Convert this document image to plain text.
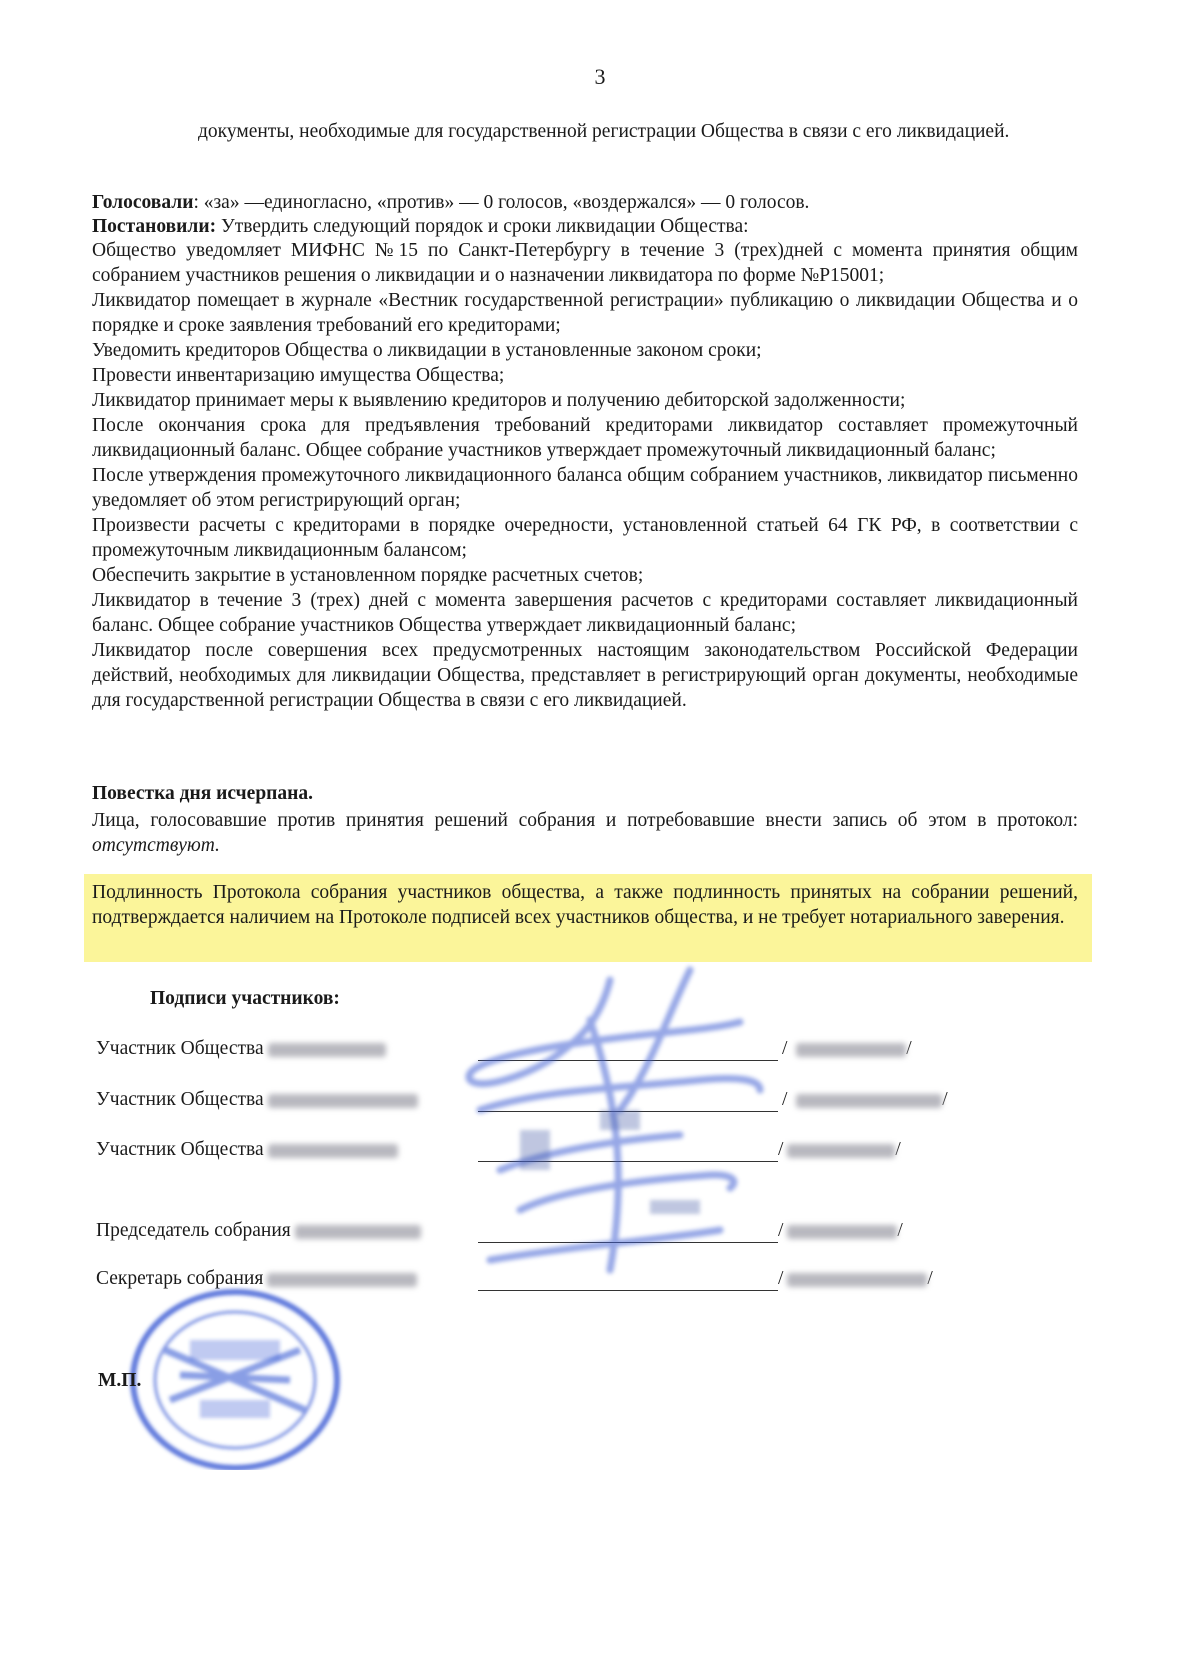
3
документы, необходимые для государственной регистрации Общества в связи с его ликвидацией.
Голосовали: «за» —единогласно, «против» — 0 голосов, «воздержался» — 0 голосов.
Постановили: Утвердить следующий порядок и сроки ликвидации Общества:
Общество уведомляет МИФНС №15 по Санкт-Петербургу в течение 3 (трех)дней с момента принятия общим собранием участников решения о ликвидации и о назначении ликвидатора по форме №Р15001;
Ликвидатор помещает в журнале «Вестник государственной регистрации» публикацию о ликвидации Общества и о порядке и сроке заявления требований его кредиторами;
Уведомить кредиторов Общества о ликвидации в установленные законом сроки;
Провести инвентаризацию имущества Общества;
Ликвидатор принимает меры к выявлению кредиторов и получению дебиторской задолженности;
После окончания срока для предъявления требований кредиторами ликвидатор составляет промежуточный ликвидационный баланс. Общее собрание участников утверждает промежуточный ликвидационный баланс;
После утверждения промежуточного ликвидационного баланса общим собранием участников, ликвидатор письменно уведомляет об этом регистрирующий орган;
Произвести расчеты с кредиторами в порядке очередности, установленной статьей 64 ГК РФ, в соответствии с промежуточным ликвидационным балансом;
Обеспечить закрытие в установленном порядке расчетных счетов;
Ликвидатор в течение 3 (трех) дней с момента завершения расчетов с кредиторами составляет ликвидационный баланс. Общее собрание участников Общества утверждает ликвидационный баланс;
Ликвидатор после совершения всех предусмотренных настоящим законодательством Российской Федерации действий, необходимых для ликвидации Общества, представляет в регистрирующий орган документы, необходимые для государственной регистрации Общества в связи с его ликвидацией.
Повестка дня исчерпана.
Лица, голосовавшие против принятия решений собрания и потребовавшие внести запись об этом в протокол: отсутствуют.
Подлинность Протокола собрания участников общества, а также подлинность принятых на собрании решений, подтверждается наличием на Протоколе подписей всех участников общества, и не требует нотариального заверения.
Подписи участников:
Участник Общества	/	/
Участник Общества	/	/
Участник Общества	/	/
Председатель собрания	/	/
Секретарь собрания	/	/
М.П.
